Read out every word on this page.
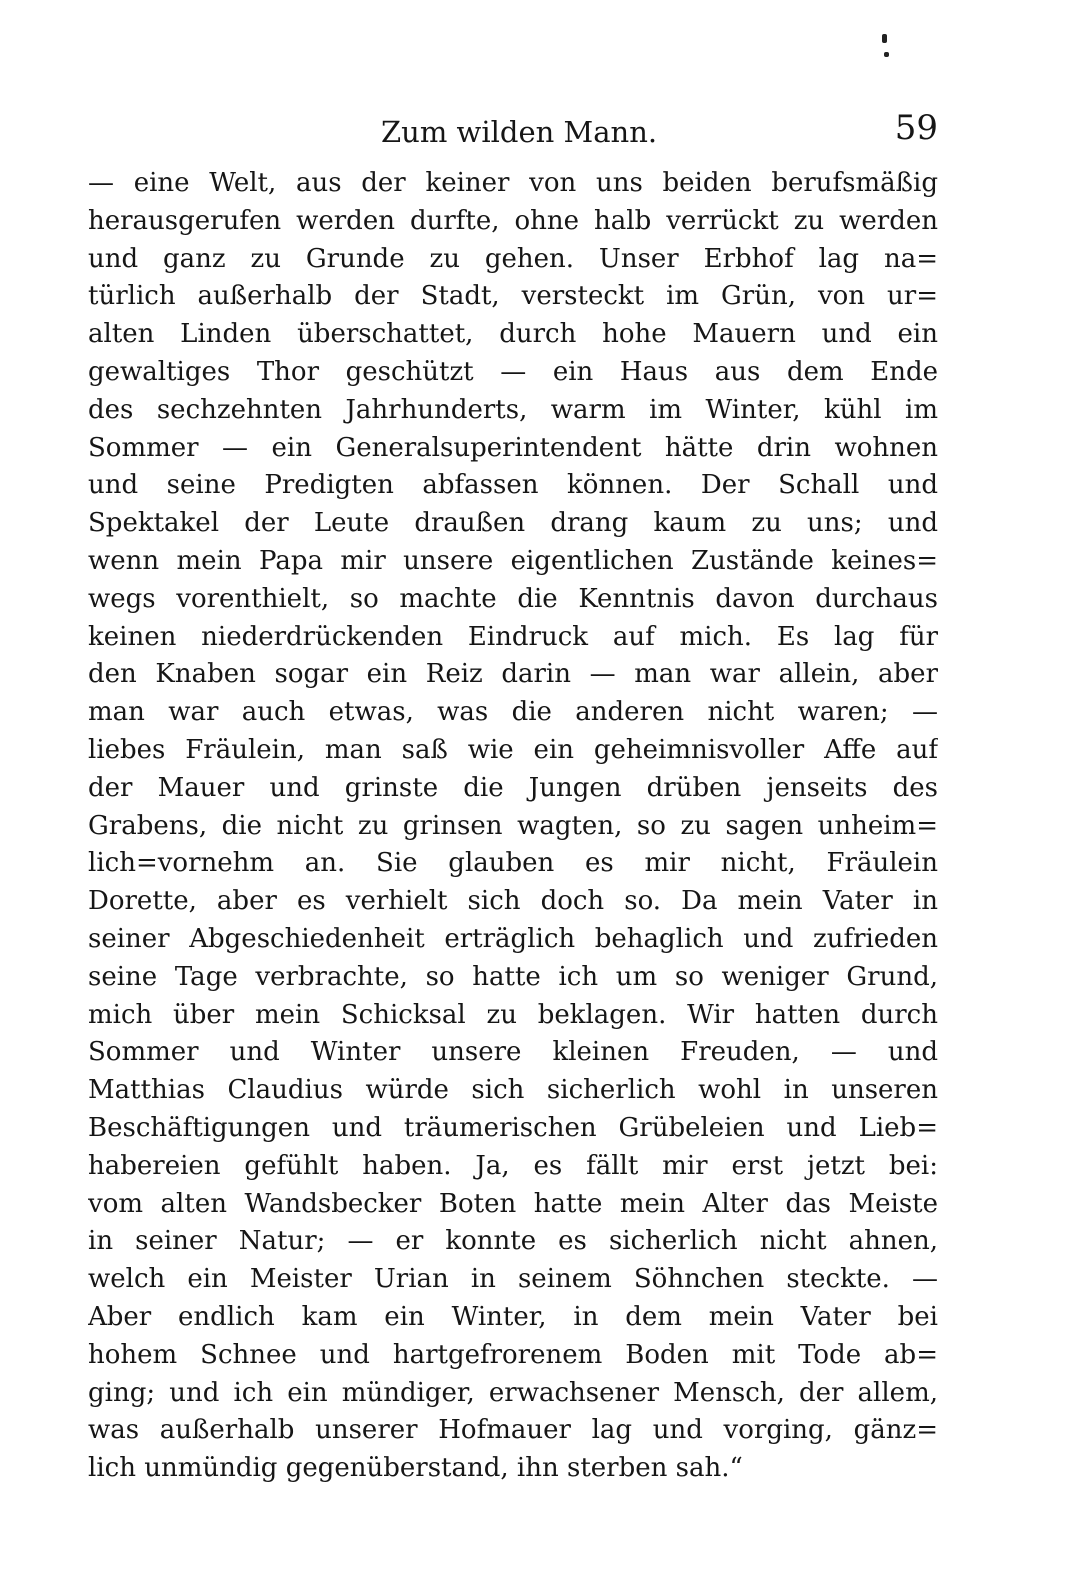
Zum wilden Mann.	59
— eine Welt, aus der keiner von uns beiden berufsmäßig
herausgerufen werden durfte, ohne halb verrückt zu werden
und ganz zu Grunde zu gehen. Unser Erbhof lag na=
türlich außerhalb der Stadt, versteckt im Grün, von ur=
alten Linden überschattet, durch hohe Mauern und ein
gewaltiges Thor geschützt — ein Haus aus dem Ende
des sechzehnten Jahrhunderts, warm im Winter, kühl im
Sommer — ein Generalsuperintendent hätte drin wohnen
und seine Predigten abfassen können. Der Schall und
Spektakel der Leute draußen drang kaum zu uns; und
wenn mein Papa mir unsere eigentlichen Zustände keines=
wegs vorenthielt, so machte die Kenntnis davon durchaus
keinen niederdrückenden Eindruck auf mich. Es lag für
den Knaben sogar ein Reiz darin — man war allein, aber
man war auch etwas, was die anderen nicht waren; —
liebes Fräulein, man saß wie ein geheimnisvoller Affe auf
der Mauer und grinste die Jungen drüben jenseits des
Grabens, die nicht zu grinsen wagten, so zu sagen unheim=
lich=vornehm an. Sie glauben es mir nicht, Fräulein
Dorette, aber es verhielt sich doch so. Da mein Vater in
seiner Abgeschiedenheit erträglich behaglich und zufrieden
seine Tage verbrachte, so hatte ich um so weniger Grund,
mich über mein Schicksal zu beklagen. Wir hatten durch
Sommer und Winter unsere kleinen Freuden, — und
Matthias Claudius würde sich sicherlich wohl in unseren
Beschäftigungen und träumerischen Grübeleien und Lieb=
habereien gefühlt haben. Ja, es fällt mir erst jetzt bei:
vom alten Wandsbecker Boten hatte mein Alter das Meiste
in seiner Natur; — er konnte es sicherlich nicht ahnen,
welch ein Meister Urian in seinem Söhnchen steckte. —
Aber endlich kam ein Winter, in dem mein Vater bei
hohem Schnee und hartgefrorenem Boden mit Tode ab=
ging; und ich ein mündiger, erwachsener Mensch, der allem,
was außerhalb unserer Hofmauer lag und vorging, gänz=
lich unmündig gegenüberstand, ihn sterben sah.“
